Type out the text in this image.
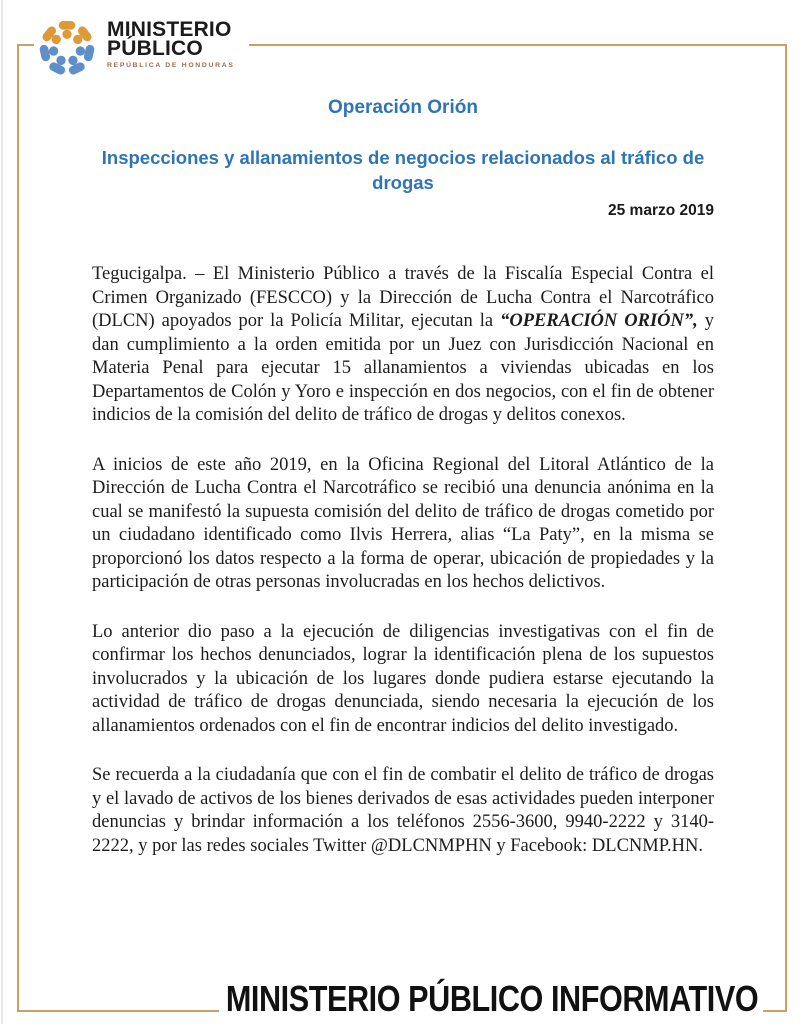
MINISTERIO
PÚBLICO
REPÚBLICA DE HONDURAS
Operación Orión
Inspecciones y allanamientos de negocios relacionados al tráfico de drogas
25 marzo 2019

Tegucigalpa. – El Ministerio Público a través de la Fiscalía Especial Contra el Crimen Organizado (FESCCO) y la Dirección de Lucha Contra el Narcotráfico (DLCN) apoyados por la Policía Militar, ejecutan la “OPERACIÓN ORIÓN”, y dan cumplimiento a la orden emitida por un Juez con Jurisdicción Nacional en Materia Penal para ejecutar 15 allanamientos a viviendas ubicadas en los Departamentos de Colón y Yoro e inspección en dos negocios, con el fin de obtener indicios de la comisión del delito de tráfico de drogas y delitos conexos.

A inicios de este año 2019, en la Oficina Regional del Litoral Atlántico de la Dirección de Lucha Contra el Narcotráfico se recibió una denuncia anónima en la cual se manifestó la supuesta comisión del delito de tráfico de drogas cometido por un ciudadano identificado como Ilvis Herrera, alias “La Paty”, en la misma se proporcionó los datos respecto a la forma de operar, ubicación de propiedades y la participación de otras personas involucradas en los hechos delictivos.

Lo anterior dio paso a la ejecución de diligencias investigativas con el fin de confirmar los hechos denunciados, lograr la identificación plena de los supuestos involucrados y la ubicación de los lugares donde pudiera estarse ejecutando la actividad de tráfico de drogas denunciada, siendo necesaria la ejecución de los allanamientos ordenados con el fin de encontrar indicios del delito investigado.

Se recuerda a la ciudadanía que con el fin de combatir el delito de tráfico de drogas y el lavado de activos de los bienes derivados de esas actividades pueden interponer denuncias y brindar información a los teléfonos 2556-3600, 9940-2222 y 3140-2222, y por las redes sociales Twitter @DLCNMPHN y Facebook: DLCNMP.HN.

MINISTERIO PÚBLICO INFORMATIVO
